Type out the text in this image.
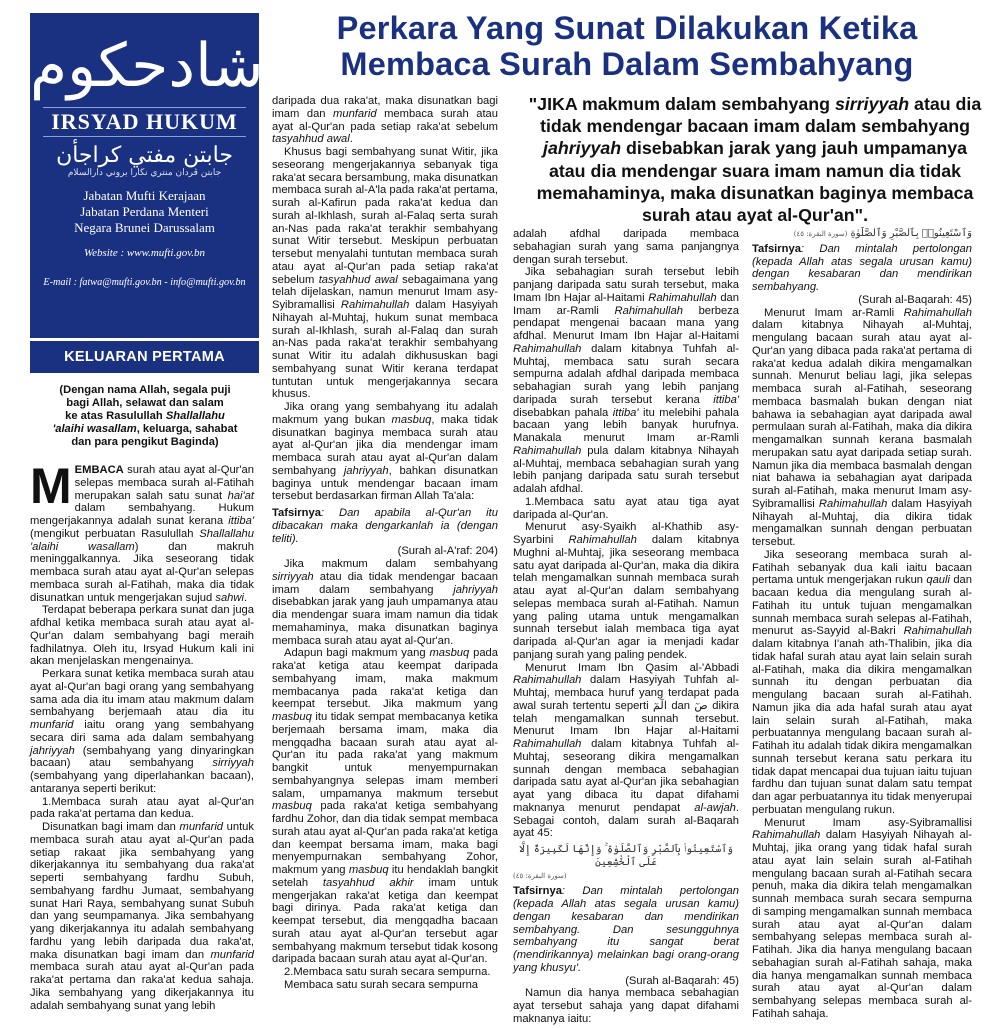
إرشادحكوم
IRSYAD HUKUM
جابتن مفتي كراجأن
جابتن ڤردان منتري نڬارا بروني دارالسلام
Jabatan Mufti Kerajaan
Jabatan Perdana Menteri
Negara Brunei Darussalam
Website : www.mufti.gov.bn
E-mail : fatwa@mufti.gov.bn - info@mufti.gov.bn
KELUARAN PERTAMA
(Dengan nama Allah, segala puji
bagi Allah, selawat dan salam
ke atas Rasulullah Shallallahu
'alaihi wasallam, keluarga, sahabat
dan para pengikut Baginda)
Perkara Yang Sunat Dilakukan Ketika
Membaca Surah Dalam Sembahyang
"JIKA makmum dalam sembahyang sirriyyah atau dia tidak mendengar bacaan imam dalam sembahyang jahriyyah disebabkan jarak yang jauh umpamanya atau dia mendengar suara imam namun dia tidak memahaminya, maka disunatkan baginya membaca surah atau ayat al-Qur'an".

MEMBACA surah atau ayat al-Qur'an selepas membaca surah al-Fatihah merupakan salah satu sunat hai'at dalam sembahyang. Hukum mengerjakannya adalah sunat kerana ittiba' (mengikut perbuatan Rasulullah Shallallahu 'alaihi wasallam) dan makruh meninggalkannya. Jika seseorang tidak membaca surah atau ayat al-Qur'an selepas membaca surah al-Fatihah, maka dia tidak disunatkan untuk mengerjakan sujud sahwi.

Terdapat beberapa perkara sunat dan juga afdhal ketika membaca surah atau ayat al-Qur'an dalam sembahyang bagi meraih fadhilatnya. Oleh itu, Irsyad Hukum kali ini akan menjelaskan mengenainya.

Perkara sunat ketika membaca surah atau ayat al-Qur'an bagi orang yang sembahyang sama ada dia itu imam atau makmum dalam sembahyang berjemaah atau dia itu munfarid iaitu orang yang sembahyang secara diri sama ada dalam sembahyang jahriyyah (sembahyang yang dinyaringkan bacaan) atau sembahyang sirriyyah (sembahyang yang diperlahankan bacaan), antaranya seperti berikut:

1.Membaca surah atau ayat al-Qur'an pada raka'at pertama dan kedua.

Disunatkan bagi imam dan munfarid untuk membaca surah atau ayat al-Qur'an pada setiap rakaat jika sembahyang yang dikerjakannya itu sembahyang dua raka'at seperti sembahyang fardhu Subuh, sembahyang fardhu Jumaat, sembahyang sunat Hari Raya, sembahyang sunat Subuh dan yang seumpamanya. Jika sembahyang yang dikerjakannya itu adalah sembahyang fardhu yang lebih daripada dua raka'at, maka disunatkan bagi imam dan munfarid membaca surah atau ayat al-Qur'an pada raka'at pertama dan raka'at kedua sahaja. Jika sembahyang yang dikerjakannya itu adalah sembahyang sunat yang lebih

daripada dua raka'at, maka disunatkan bagi imam dan munfarid membaca surah atau ayat al-Qur'an pada setiap raka'at sebelum tasyahhud awal.

Khusus bagi sembahyang sunat Witir, jika seseorang mengerjakannya sebanyak tiga raka'at secara bersambung, maka disunatkan membaca surah al-A'la pada raka'at pertama, surah al-Kafirun pada raka'at kedua dan surah al-Ikhlash, surah al-Falaq serta surah an-Nas pada raka'at terakhir sembahyang sunat Witir tersebut. Meskipun perbuatan tersebut menyalahi tuntutan membaca surah atau ayat al-Qur'an pada setiap raka'at sebelum tasyahhud awal sebagaimana yang telah dijelaskan, namun menurut Imam asy-Syibramallisi Rahimahullah dalam Hasyiyah Nihayah al-Muhtaj, hukum sunat membaca surah al-Ikhlash, surah al-Falaq dan surah an-Nas pada raka'at terakhir sembahyang sunat Witir itu adalah dikhususkan bagi sembahyang sunat Witir kerana terdapat tuntutan untuk mengerjakannya secara khusus.

Jika orang yang sembahyang itu adalah makmum yang bukan masbuq, maka tidak disunatkan baginya membaca surah atau ayat al-Qur'an jika dia mendengar imam membaca surah atau ayat al-Qur'an dalam sembahyang jahriyyah, bahkan disunatkan baginya untuk mendengar bacaan imam tersebut berdasarkan firman Allah Ta'ala:

Tafsirnya: Dan apabila al-Qur'an itu dibacakan maka dengarkanlah ia (dengan teliti).

(Surah al-A'raf: 204)

Jika makmum dalam sembahyang sirriyyah atau dia tidak mendengar bacaan imam dalam sembahyang jahriyyah disebabkan jarak yang jauh umpamanya atau dia mendengar suara imam namun dia tidak memahaminya, maka disunatkan baginya membaca surah atau ayat al-Qur'an.

Adapun bagi makmum yang masbuq pada raka'at ketiga atau keempat daripada sembahyang imam, maka makmum membacanya pada raka'at ketiga dan keempat tersebut. Jika makmum yang masbuq itu tidak sempat membacanya ketika berjemaah bersama imam, maka dia mengqadha bacaan surah atau ayat al-Qur'an itu pada raka'at yang makmum bangkit untuk menyempurnakan sembahyangnya selepas imam memberi salam, umpamanya makmum tersebut masbuq pada raka'at ketiga sembahyang fardhu Zohor, dan dia tidak sempat membaca surah atau ayat al-Qur'an pada raka'at ketiga dan keempat bersama imam, maka bagi menyempurnakan sembahyang Zohor, makmum yang masbuq itu hendaklah bangkit setelah tasyahhud akhir imam untuk mengerjakan raka'at ketiga dan keempat bagi dirinya. Pada raka'at ketiga dan keempat tersebut, dia mengqadha bacaan surah atau ayat al-Qur'an tersebut agar sembahyang makmum tersebut tidak kosong daripada bacaan surah atau ayat al-Qur'an.

2.Membaca satu surah secara sempurna.

Membaca satu surah secara sempurna

adalah afdhal daripada membaca sebahagian surah yang sama panjangnya dengan surah tersebut.

Jika sebahagian surah tersebut lebih panjang daripada satu surah tersebut, maka Imam Ibn Hajar al-Haitami Rahimahullah dan Imam ar-Ramli Rahimahullah berbeza pendapat mengenai bacaan mana yang afdhal. Menurut Imam Ibn Hajar al-Haitami Rahimahullah dalam kitabnya Tuhfah al-Muhtaj, membaca satu surah secara sempurna adalah afdhal daripada membaca sebahagian surah yang lebih panjang daripada surah tersebut kerana ittiba' disebabkan pahala ittiba' itu melebihi pahala bacaan yang lebih banyak hurufnya. Manakala menurut Imam ar-Ramli Rahimahullah pula dalam kitabnya Nihayah al-Muhtaj, membaca sebahagian surah yang lebih panjang daripada satu surah tersebut adalah afdhal.

1.Membaca satu ayat atau tiga ayat daripada al-Qur'an.

Menurut asy-Syaikh al-Khathib asy-Syarbini Rahimahullah dalam kitabnya Mughni al-Muhtaj, jika seseorang membaca satu ayat daripada al-Qur'an, maka dia dikira telah mengamalkan sunnah membaca surah atau ayat al-Qur'an dalam sembahyang selepas membaca surah al-Fatihah. Namun yang paling utama untuk mengamalkan sunnah tersebut ialah membaca tiga ayat daripada al-Qur'an agar ia menjadi kadar panjang surah yang paling pendek.

Menurut Imam Ibn Qasim al-'Abbadi Rahimahullah dalam Hasyiyah Tuhfah al-Muhtaj, membaca huruf yang terdapat pada awal surah tertentu seperti الٓمٓ dan صٓ dikira telah mengamalkan sunnah tersebut. Menurut Imam Ibn Hajar al-Haitami Rahimahullah dalam kitabnya Tuhfah al-Muhtaj, seseorang dikira mengamalkan sunnah dengan membaca sebahagian daripada satu ayat al-Qur'an jika sebahagian ayat yang dibaca itu dapat difahami maknanya menurut pendapat al-awjah. Sebagai contoh, dalam surah al-Baqarah ayat 45:

وَٱسْتَعِينُوا۟ بِٱلصَّبْرِ وَٱلصَّلَوٰةِ ۚ وَإِنَّهَا لَكَبِيرَةٌ إِلَّا عَلَى ٱلْخَٰشِعِينَ

(سورة البقرة: ٤٥)

Tafsirnya: Dan mintalah pertolongan (kepada Allah atas segala urusan kamu) dengan kesabaran dan mendirikan sembahyang. Dan sesungguhnya sembahyang itu sangat berat (mendirikannya) melainkan bagi orang-orang yang khusyu'.

(Surah al-Baqarah: 45)

Namun dia hanya membaca sebahagian ayat tersebut sahaja yang dapat difahami maknanya iaitu:

وَٱسْتَعِينُوا۟ بِٱلصَّبْرِ وَٱلصَّلَوٰةِ (سورة البقرة: ٤٥)

Tafsirnya: Dan mintalah pertolongan (kepada Allah atas segala urusan kamu) dengan kesabaran dan mendirikan sembahyang.

(Surah al-Baqarah: 45)

Menurut Imam ar-Ramli Rahimahullah dalam kitabnya Nihayah al-Muhtaj, mengulang bacaan surah atau ayat al-Qur'an yang dibaca pada raka'at pertama di raka'at kedua adalah dikira mengamalkan sunnah. Menurut beliau lagi, jika selepas membaca surah al-Fatihah, seseorang membaca basmalah bukan dengan niat bahawa ia sebahagian ayat daripada awal permulaan surah al-Fatihah, maka dia dikira mengamalkan sunnah kerana basmalah merupakan satu ayat daripada setiap surah. Namun jika dia membaca basmalah dengan niat bahawa ia sebahagian ayat daripada surah al-Fatihah, maka menurut Imam asy-Syibramallisi Rahimahullah dalam Hasyiyah Nihayah al-Muhtaj, dia dikira tidak mengamalkan sunnah dengan perbuatan tersebut.

Jika seseorang membaca surah al-Fatihah sebanyak dua kali iaitu bacaan pertama untuk mengerjakan rukun qauli dan bacaan kedua dia mengulang surah al-Fatihah itu untuk tujuan mengamalkan sunnah membaca surah selepas al-Fatihah, menurut as-Sayyid al-Bakri Rahimahullah dalam kitabnya I'anah ath-Thalibin, jika dia tidak hafal surah atau ayat lain selain surah al-Fatihah, maka dia dikira mengamalkan sunnah itu dengan perbuatan dia mengulang bacaan surah al-Fatihah. Namun jika dia ada hafal surah atau ayat lain selain surah al-Fatihah, maka perbuatannya mengulang bacaan surah al-Fatihah itu adalah tidak dikira mengamalkan sunnah tersebut kerana satu perkara itu tidak dapat mencapai dua tujuan iaitu tujuan fardhu dan tujuan sunat dalam satu tempat dan agar perbuatannya itu tidak menyerupai perbuatan mengulang rukun.

Menurut Imam asy-Syibramallisi Rahimahullah dalam Hasyiyah Nihayah al-Muhtaj, jika orang yang tidak hafal surah atau ayat lain selain surah al-Fatihah mengulang bacaan surah al-Fatihah secara penuh, maka dia dikira telah mengamalkan sunnah membaca surah secara sempurna di samping mengamalkan sunnah membaca surah atau ayat al-Qur'an dalam sembahyang selepas membaca surah al-Fatihah. Jika dia hanya mengulang bacaan sebahagian surah al-Fatihah sahaja, maka dia hanya mengamalkan sunnah membaca surah atau ayat al-Qur'an dalam sembahyang selepas membaca surah al-Fatihah sahaja.
